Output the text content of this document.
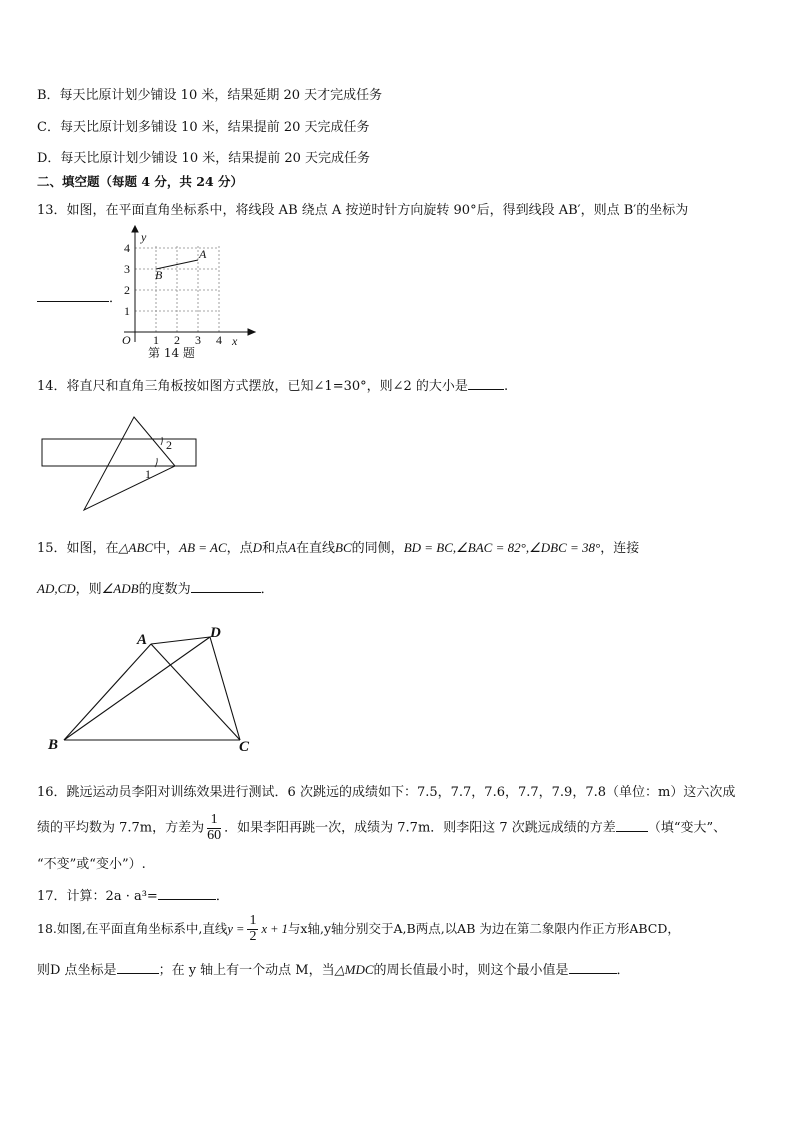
B．每天比原计划少铺设 10 米，结果延期 20 天才完成任务
C．每天比原计划多铺设 10 米，结果提前 20 天完成任务
D．每天比原计划少铺设 10 米，结果提前 20 天完成任务
二、填空题（每题 4 分，共 24 分）
13．如图，在平面直角坐标系中，将线段 AB 绕点 A 按逆时针方向旋转 90°后，得到线段 AB′，则点 B′的坐标为
．
y
x
O 1 2 3 4
1
2
3
4	A
B
第 14 题
14．将直尺和直角三角板按如图方式摆放，已知∠1=30°，则∠2 的大小是	.
1
2
15．如图，在△ABC中，AB = AC，点D和点A在直线BC的同侧，BD = BC,∠BAC = 82°,∠DBC = 38°，连接
AD,CD，则∠ADB的度数为	．
A	D
B	C
16．跳远运动员李阳对训练效果进行测试．6 次跳远的成绩如下：7.5，7.7，7.6，7.7，7.9，7.8（单位：m）这六次成
绩的平均数为 7.7m，方差为 $\frac{1}{60}$ ．如果李阳再跳一次，成绩为 7.7m．则李阳这 7 次跳远成绩的方差 （填“变大”、
“不变”或“变小”）.
17．计算：2a · a³=	．
18.如图,在平面直角坐标系中,直线$y = \frac{1}{2}$ x + 1与x轴,y轴分别交于A,B两点,以AB 为边在第二象限内作正方形ABCD，
则D 点坐标是	；在 y 轴上有一个动点 M，当△MDC的周长值最小时，则这个最小值是	．
